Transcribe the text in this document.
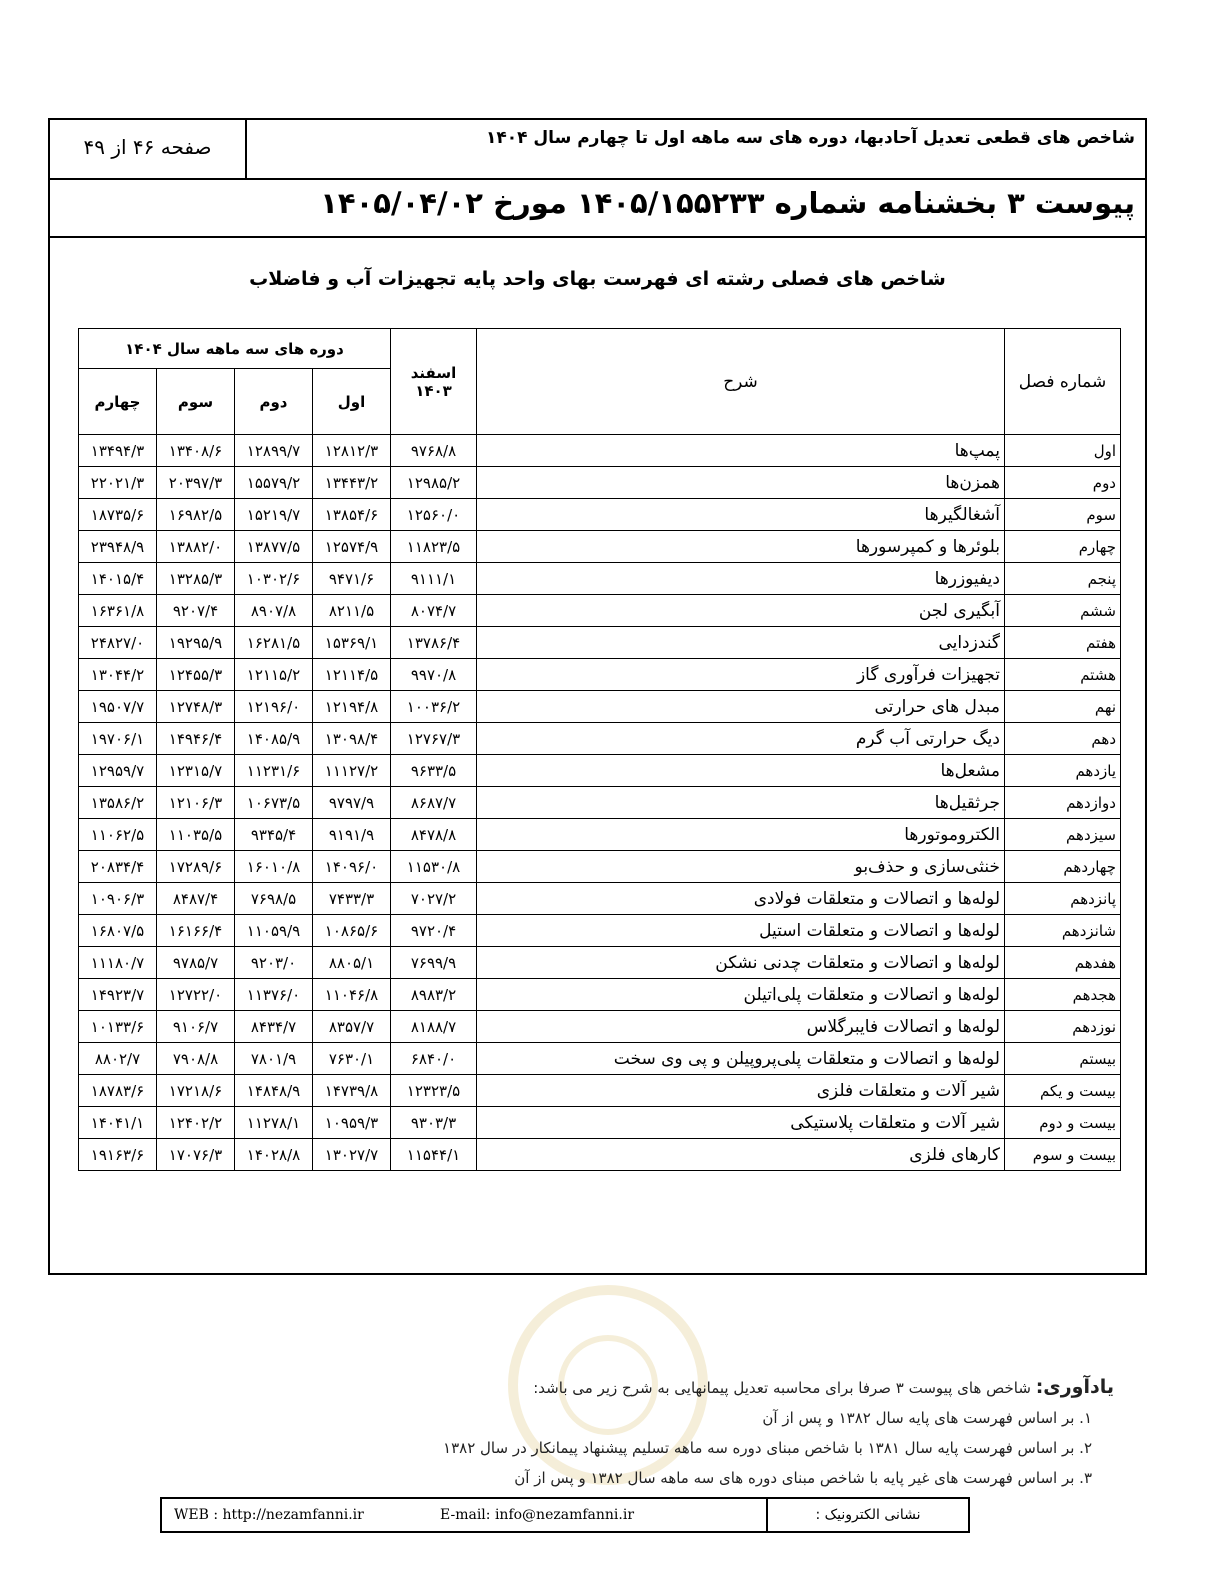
شاخص های قطعی تعدیل آحادبها، دوره های سه ماهه اول تا چهارم سال ۱۴۰۴
صفحه ۴۶ از ۴۹
پیوست ۳ بخشنامه شماره ۱۴۰۵/۱۵۵۲۳۳ مورخ ۱۴۰۵/۰۴/۰۲
شاخص های فصلی رشته ای فهرست بهای واحد پایه تجهیزات آب و فاضلاب
شماره فصل	شرح	اسفند ۱۴۰۳	دوره های سه ماهه سال ۱۴۰۴			
			اول	دوم	سوم	چهارم
اول	پمپ‌ها	۹۷۶۸/۸	۱۲۸۱۲/۳	۱۲۸۹۹/۷	۱۳۴۰۸/۶	۱۳۴۹۴/۳
دوم	همزن‌ها	۱۲۹۸۵/۲	۱۳۴۴۳/۲	۱۵۵۷۹/۲	۲۰۳۹۷/۳	۲۲۰۲۱/۳
سوم	آشغالگیرها	۱۲۵۶۰/۰	۱۳۸۵۴/۶	۱۵۲۱۹/۷	۱۶۹۸۲/۵	۱۸۷۳۵/۶
چهارم	بلوئرها و کمپرسورها	۱۱۸۲۳/۵	۱۲۵۷۴/۹	۱۳۸۷۷/۵	۱۳۸۸۲/۰	۲۳۹۴۸/۹
پنجم	دیفیوزرها	۹۱۱۱/۱	۹۴۷۱/۶	۱۰۳۰۲/۶	۱۳۲۸۵/۳	۱۴۰۱۵/۴
ششم	آبگیری لجن	۸۰۷۴/۷	۸۲۱۱/۵	۸۹۰۷/۸	۹۲۰۷/۴	۱۶۳۶۱/۸
هفتم	گندزدایی	۱۳۷۸۶/۴	۱۵۳۶۹/۱	۱۶۲۸۱/۵	۱۹۲۹۵/۹	۲۴۸۲۷/۰
هشتم	تجهیزات فرآوری گاز	۹۹۷۰/۸	۱۲۱۱۴/۵	۱۲۱۱۵/۲	۱۲۴۵۵/۳	۱۳۰۴۴/۲
نهم	مبدل های حرارتی	۱۰۰۳۶/۲	۱۲۱۹۴/۸	۱۲۱۹۶/۰	۱۲۷۴۸/۳	۱۹۵۰۷/۷
دهم	دیگ حرارتی آب گرم	۱۲۷۶۷/۳	۱۳۰۹۸/۴	۱۴۰۸۵/۹	۱۴۹۴۶/۴	۱۹۷۰۶/۱
یازدهم	مشعل‌ها	۹۶۳۳/۵	۱۱۱۲۷/۲	۱۱۲۳۱/۶	۱۲۳۱۵/۷	۱۲۹۵۹/۷
دوازدهم	جرثقیل‌ها	۸۶۸۷/۷	۹۷۹۷/۹	۱۰۶۷۳/۵	۱۲۱۰۶/۳	۱۳۵۸۶/۲
سیزدهم	الکتروموتورها	۸۴۷۸/۸	۹۱۹۱/۹	۹۳۴۵/۴	۱۱۰۳۵/۵	۱۱۰۶۲/۵
چهاردهم	خنثی‌سازی و حذف‌بو	۱۱۵۳۰/۸	۱۴۰۹۶/۰	۱۶۰۱۰/۸	۱۷۲۸۹/۶	۲۰۸۳۴/۴
پانزدهم	لوله‌ها و اتصالات و متعلقات فولادی	۷۰۲۷/۲	۷۴۳۳/۳	۷۶۹۸/۵	۸۴۸۷/۴	۱۰۹۰۶/۳
شانزدهم	لوله‌ها و اتصالات و متعلقات استیل	۹۷۲۰/۴	۱۰۸۶۵/۶	۱۱۰۵۹/۹	۱۶۱۶۶/۴	۱۶۸۰۷/۵
هفدهم	لوله‌ها و اتصالات و متعلقات چدنی نشکن	۷۶۹۹/۹	۸۸۰۵/۱	۹۲۰۳/۰	۹۷۸۵/۷	۱۱۱۸۰/۷
هجدهم	لوله‌ها و اتصالات و متعلقات پلی‌اتیلن	۸۹۸۳/۲	۱۱۰۴۶/۸	۱۱۳۷۶/۰	۱۲۷۲۲/۰	۱۴۹۲۳/۷
نوزدهم	لوله‌ها و اتصالات فایبرگلاس	۸۱۸۸/۷	۸۳۵۷/۷	۸۴۳۴/۷	۹۱۰۶/۷	۱۰۱۳۳/۶
بیستم	لوله‌ها و اتصالات و متعلقات پلی‌پروپیلن و پی وی سخت	۶۸۴۰/۰	۷۶۳۰/۱	۷۸۰۱/۹	۷۹۰۸/۸	۸۸۰۲/۷
بیست و یکم	شیر آلات و متعلقات فلزی	۱۲۳۲۳/۵	۱۴۷۳۹/۸	۱۴۸۴۸/۹	۱۷۲۱۸/۶	۱۸۷۸۳/۶
بیست و دوم	شیر آلات و متعلقات پلاستیکی	۹۳۰۳/۳	۱۰۹۵۹/۳	۱۱۲۷۸/۱	۱۲۴۰۲/۲	۱۴۰۴۱/۱
بیست و سوم	کارهای فلزی	۱۱۵۴۴/۱	۱۳۰۲۷/۷	۱۴۰۲۸/۸	۱۷۰۷۶/۳	۱۹۱۶۳/۶
یادآوری: شاخص های پیوست ۳ صرفا برای محاسبه تعدیل پیمانهایی به شرح زیر می باشد:
۱. بر اساس فهرست های پایه سال ۱۳۸۲ و پس از آن
۲. بر اساس فهرست پایه سال ۱۳۸۱ با شاخص مبنای دوره سه ماهه تسلیم پیشنهاد پیمانکار در سال ۱۳۸۲
۳. بر اساس فهرست های غیر پایه با شاخص مبنای دوره های سه ماهه سال ۱۳۸۲ و پس از آن
نشانی الکترونیک :
WEB : http://nezamfanni.ir	E-mail: info@nezamfanni.ir
